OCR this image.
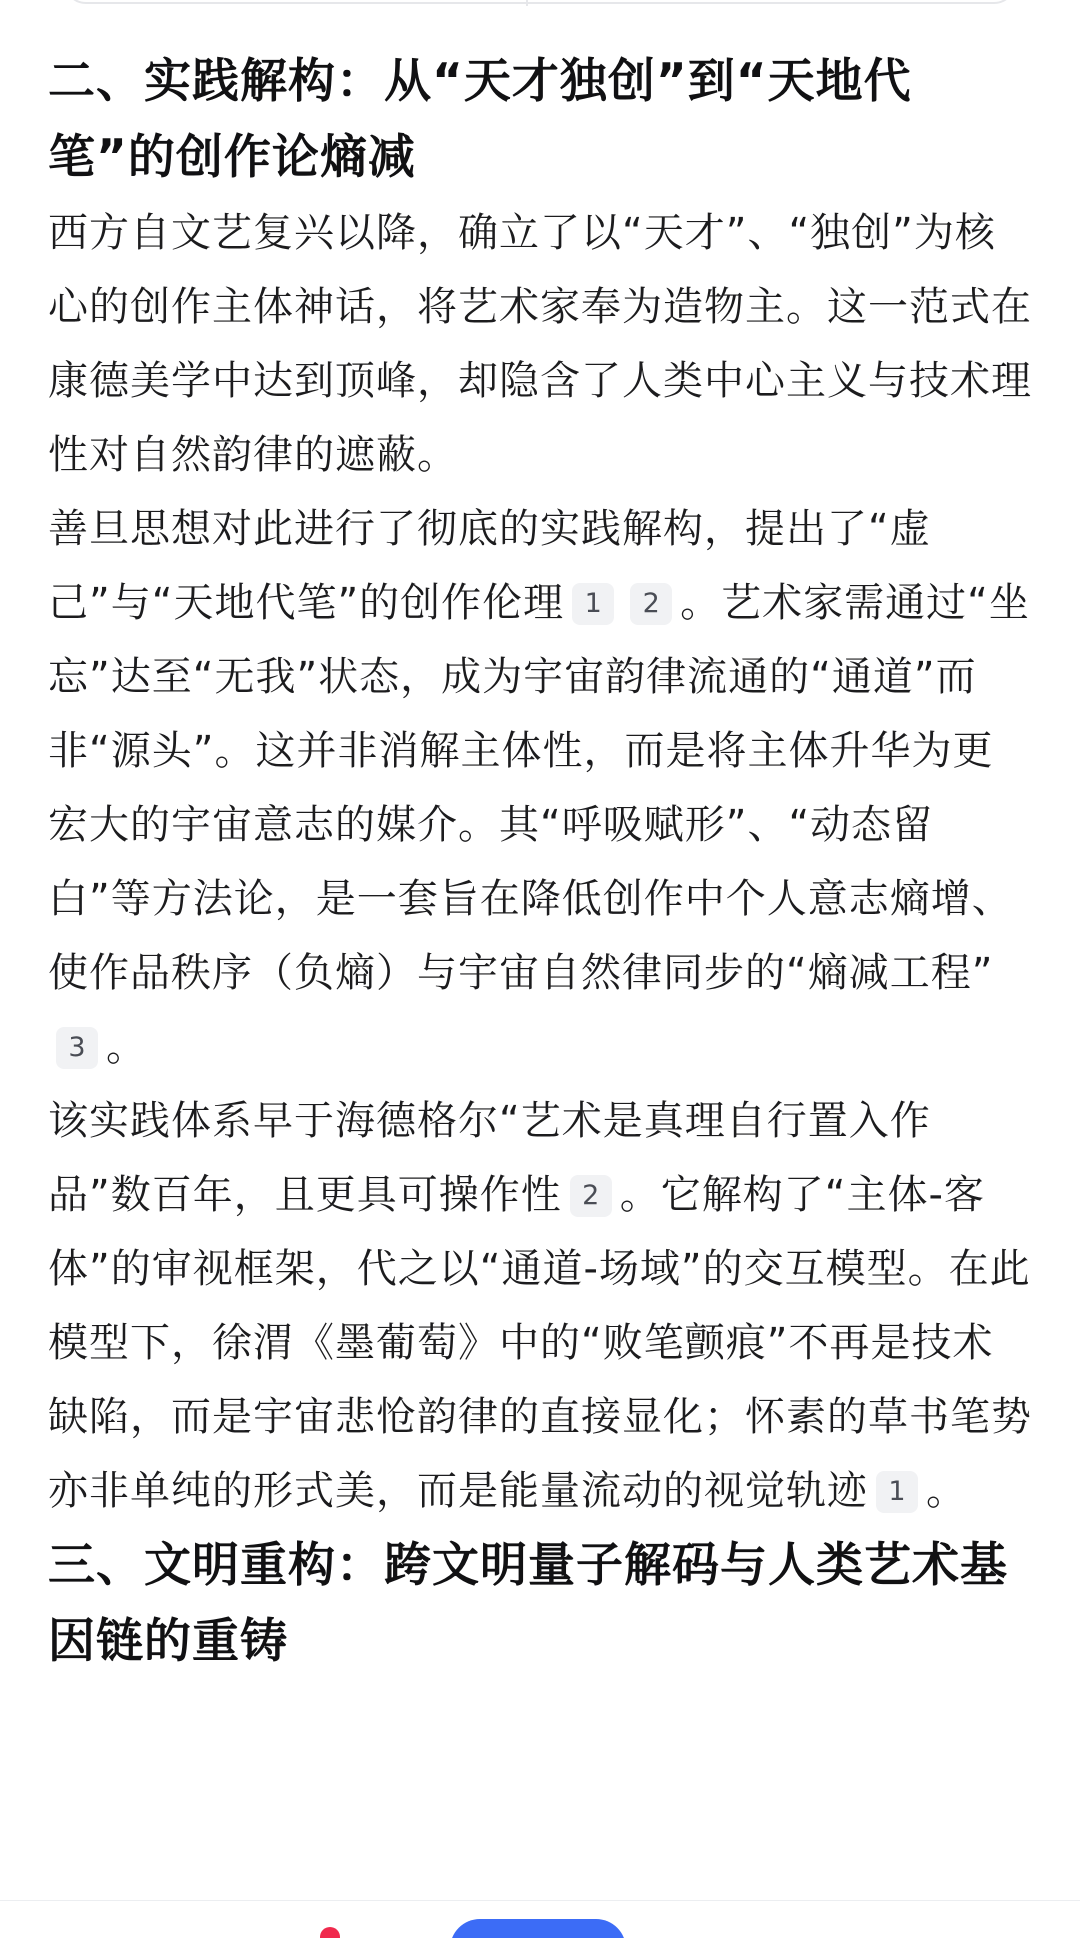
二、实践解构：从“天才独创”到“天地代笔”的创作论熵减

西方自文艺复兴以降，确立了以“天才”、“独创”为核心的创作主体神话，将艺术家奉为造物主。这一范式在康德美学中达到顶峰，却隐含了人类中心主义与技术理性对自然韵律的遮蔽。

善旦思想对此进行了彻底的实践解构，提出了“虚己”与“天地代笔”的创作伦理 1 2 。艺术家需通过“坐忘”达至“无我”状态，成为宇宙韵律流通的“通道”而非“源头”。这并非消解主体性，而是将主体升华为更宏大的宇宙意志的媒介。其“呼吸赋形”、“动态留白”等方法论，是一套旨在降低创作中个人意志熵增、使作品秩序（负熵）与宇宙自然律同步的“熵减工程”3 。

该实践体系早于海德格尔“艺术是真理自行置入作品”数百年，且更具可操作性 2 。它解构了“主体-客体”的审视框架，代之以“通道-场域”的交互模型。在此模型下，徐渭《墨葡萄》中的“败笔颤痕”不再是技术缺陷，而是宇宙悲怆韵律的直接显化；怀素的草书笔势亦非单纯的形式美，而是能量流动的视觉轨迹 1 。

三、文明重构：跨文明量子解码与人类艺术基因链的重铸
